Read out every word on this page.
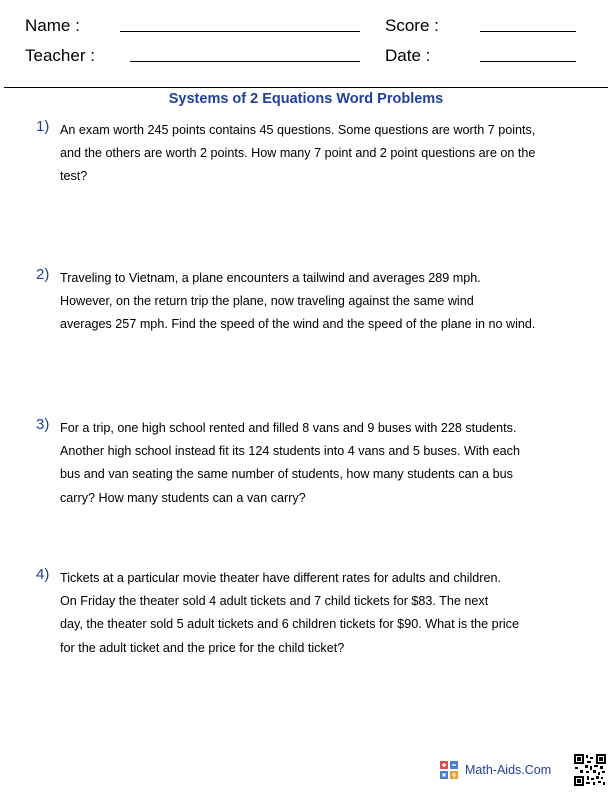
Name :	Score :
Teacher :	Date :
Systems of 2 Equations Word Problems
1) An exam worth 245 points contains 45 questions. Some questions are worth 7 points,
and the others are worth 2 points. How many 7 point and 2 point questions are on the
test?
2) Traveling to Vietnam, a plane encounters a tailwind and averages 289 mph.
However, on the return trip the plane, now traveling against the same wind
averages 257 mph. Find the speed of the wind and the speed of the plane in no wind.
3) For a trip, one high school rented and filled 8 vans and 9 buses with 228 students.
Another high school instead fit its 124 students into 4 vans and 5 buses. With each
bus and van seating the same number of students, how many students can a bus
carry? How many students can a van carry?
4) Tickets at a particular movie theater have different rates for adults and children.
On Friday the theater sold 4 adult tickets and 7 child tickets for $83. The next
day, the theater sold 5 adult tickets and 6 children tickets for $90. What is the price
for the adult ticket and the price for the child ticket?
Math-Aids.Com
